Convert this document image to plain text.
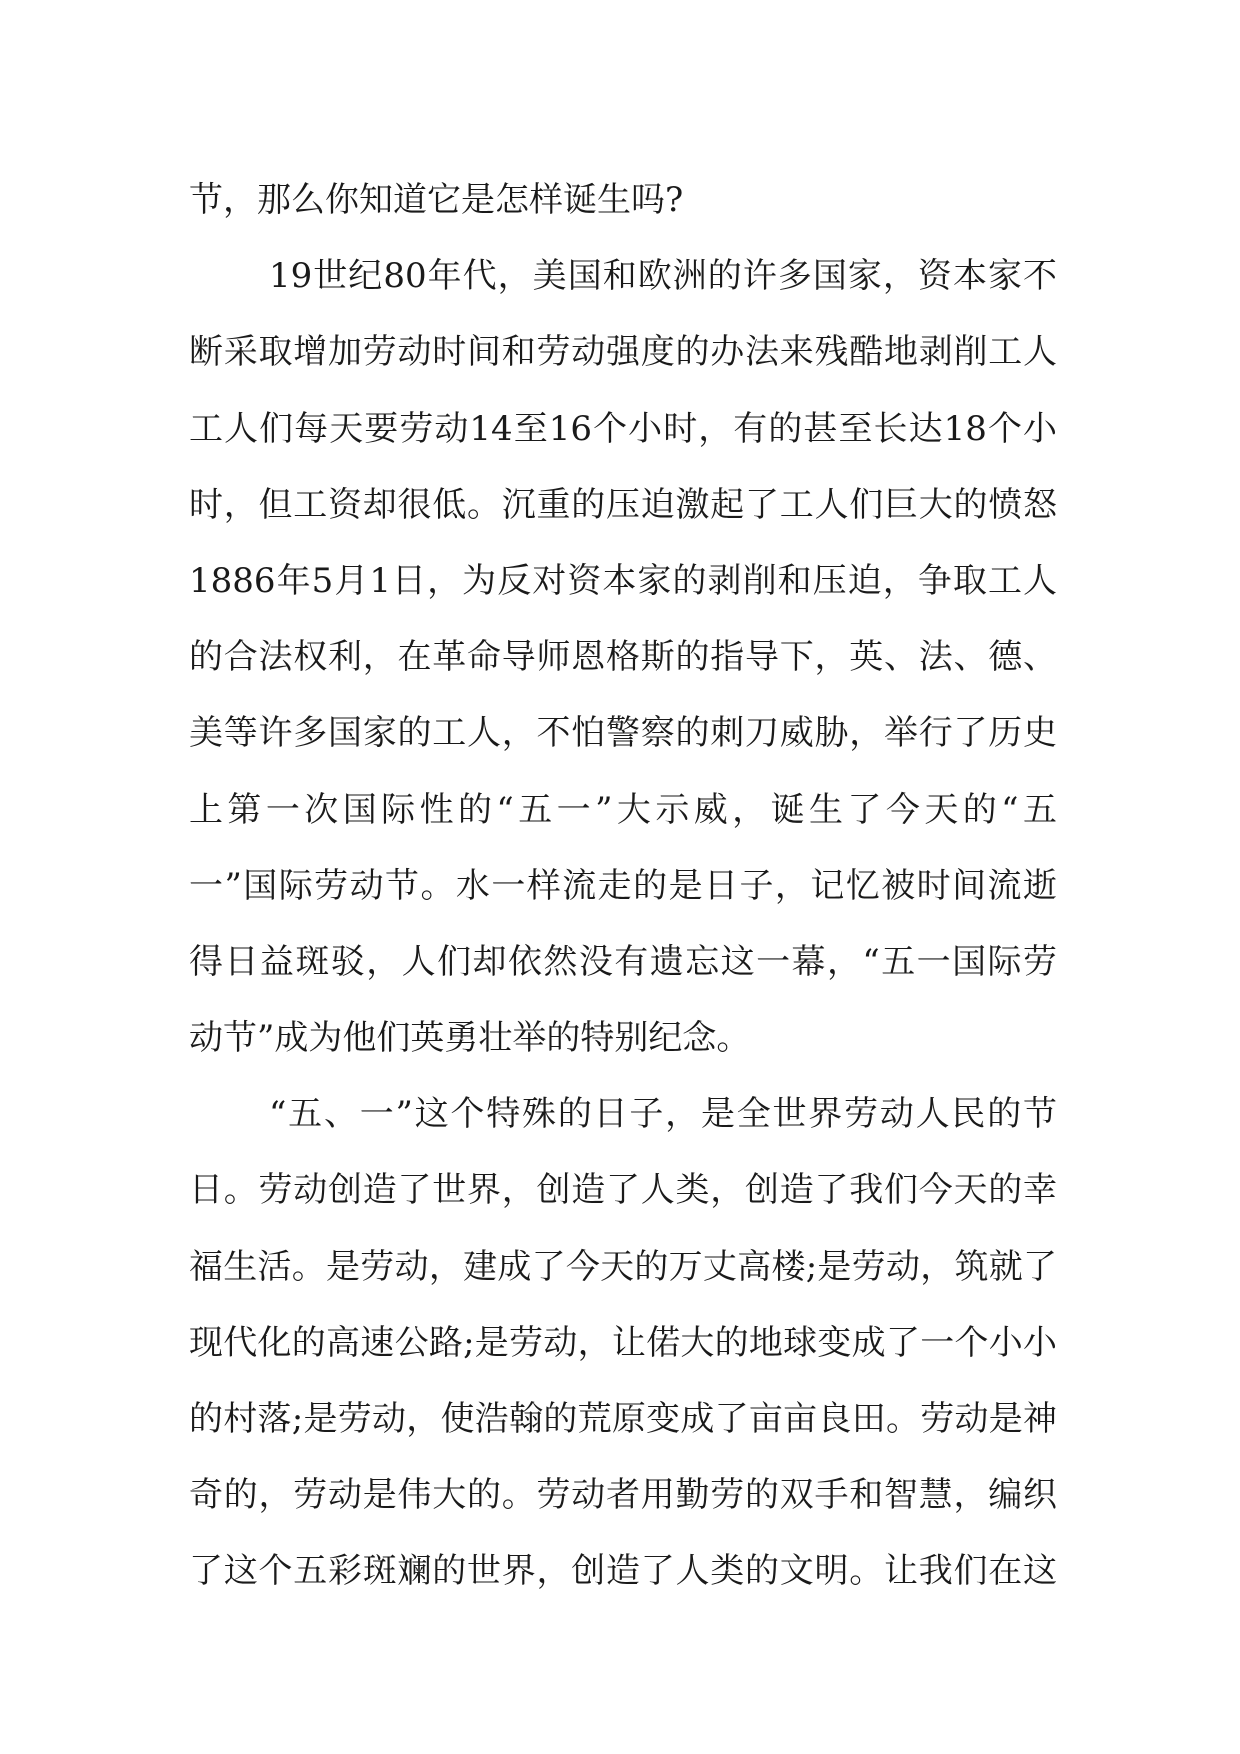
节，那么你知道它是怎样诞生吗?
19世纪80年代，美国和欧洲的许多国家，资本家不
断采取增加劳动时间和劳动强度的办法来残酷地剥削工人
工人们每天要劳动14至16个小时，有的甚至长达18个小
时，但工资却很低。沉重的压迫激起了工人们巨大的愤怒
1886年5月1日，为反对资本家的剥削和压迫，争取工人
的合法权利，在革命导师恩格斯的指导下，英、法、德、
美等许多国家的工人，不怕警察的刺刀威胁，举行了历史
上第一次国际性的“五一”大示威，诞生了今天的“五
一”国际劳动节。水一样流走的是日子，记忆被时间流逝
得日益斑驳，人们却依然没有遗忘这一幕，“五一国际劳
动节”成为他们英勇壮举的特别纪念。
“五、一”这个特殊的日子，是全世界劳动人民的节
日。劳动创造了世界，创造了人类，创造了我们今天的幸
福生活。是劳动，建成了今天的万丈高楼;是劳动，筑就了
现代化的高速公路;是劳动，让偌大的地球变成了一个小小
的村落;是劳动，使浩翰的荒原变成了亩亩良田。劳动是神
奇的，劳动是伟大的。劳动者用勤劳的双手和智慧，编织
了这个五彩斑斓的世界，创造了人类的文明。让我们在这
